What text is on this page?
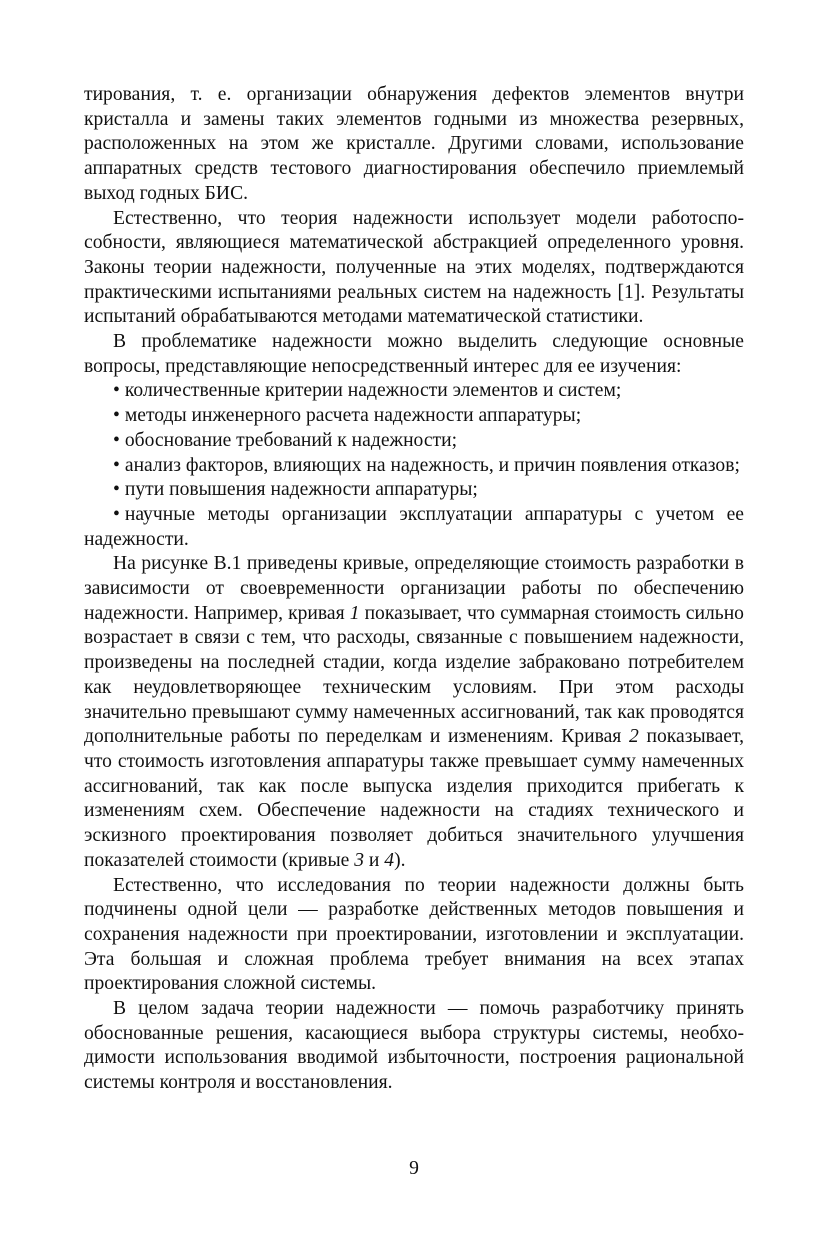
тирования, т. е. организации обнаружения дефектов элементов внутри кристалла и замены таких элементов годными из множества резервных, расположенных на этом же кристалле. Другими словами, использование аппаратных средств тестового диагностирования обеспечило приемлемый выход годных БИС.

Естественно, что теория надежности использует модели работоспособности, являющиеся математической абстракцией определенного уровня. Законы теории надежности, полученные на этих моделях, подтверждаются практическими испытаниями реальных систем на надежность [1]. Результаты испытаний обрабатываются методами математической статистики.

В проблематике надежности можно выделить следующие основные вопросы, представляющие непосредственный интерес для ее изучения:

• количественные критерии надежности элементов и систем;

• методы инженерного расчета надежности аппаратуры;

• обоснование требований к надежности;

• анализ факторов, влияющих на надежность, и причин появления отказов;

• пути повышения надежности аппаратуры;

• научные методы организации эксплуатации аппаратуры с учетом ее надежности.

На рисунке В.1 приведены кривые, определяющие стоимость разработки в зависимости от своевременности организации работы по обеспечению надежности. Например, кривая 1 показывает, что суммарная стоимость сильно возрастает в связи с тем, что расходы, связанные с повышением надежности, произведены на последней стадии, когда изделие забраковано потребителем как неудовлетворяющее техническим условиям. При этом расходы значительно превышают сумму намеченных ассигнований, так как проводятся дополнительные работы по переделкам и изменениям. Кривая 2 показывает, что стоимость изготовления аппаратуры также превышает сумму намеченных ассигнований, так как после выпуска изделия приходится прибегать к изменениям схем. Обеспечение надежности на стадиях технического и эскизного проектирования позволяет добиться значительного улучшения показателей стоимости (кривые 3 и 4).

Естественно, что исследования по теории надежности должны быть подчинены одной цели — разработке действенных методов повышения и сохранения надежности при проектировании, изготовлении и эксплуатации. Эта большая и сложная проблема требует внимания на всех этапах проектирования сложной системы.

В целом задача теории надежности — помочь разработчику принять обоснованные решения, касающиеся выбора структуры системы, необходимости использования вводимой избыточности, построения рациональной системы контроля и восстановления.

9
